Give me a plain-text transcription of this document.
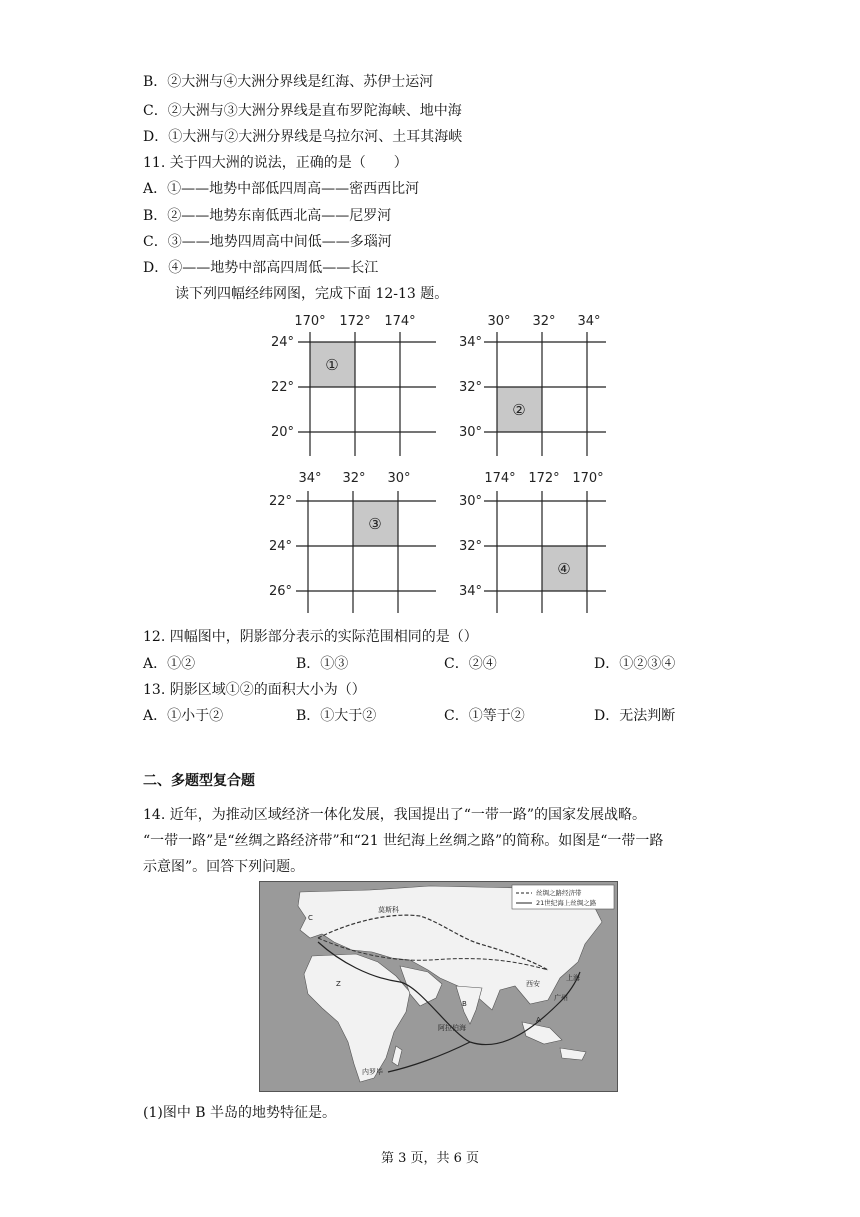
B．②大洲与④大洲分界线是红海、苏伊士运河
C．②大洲与③大洲分界线是直布罗陀海峡、地中海
D．①大洲与②大洲分界线是乌拉尔河、土耳其海峡
11. 关于四大洲的说法，正确的是（　　）
A．①——地势中部低四周高——密西西比河
B．②——地势东南低西北高——尼罗河
C．③——地势四周高中间低——多瑙河
D．④——地势中部高四周低——长江
读下列四幅经纬网图，完成下面 12-13 题。
170° 172° 174°
24°
22°
20°
①
30° 32° 34°
34°
32°
30°
②
34° 32° 30°
22°
24°
26°
③
174° 172° 170°
30°
32°
34°
④
12. 四幅图中，阴影部分表示的实际范围相同的是（）
A．①②	B．①③	C．②④	D．①②③④
13. 阴影区域①②的面积大小为（）
A．①小于②	B．①大于②	C．①等于②	D．无法判断
二、多题型复合题
14. 近年，为推动区域经济一体化发展，我国提出了“一带一路”的国家发展战略。
“一带一路”是“丝绸之路经济带”和“21 世纪海上丝绸之路”的简称。如图是“一带一路
示意图”。回答下列问题。
丝绸之路经济带
21世纪海上丝绸之路
莫斯科
C
Z	西安
上海
广州
A
B
阿拉伯海
内罗毕
(1)图中 B 半岛的地势特征是。
第 3 页，共 6 页
